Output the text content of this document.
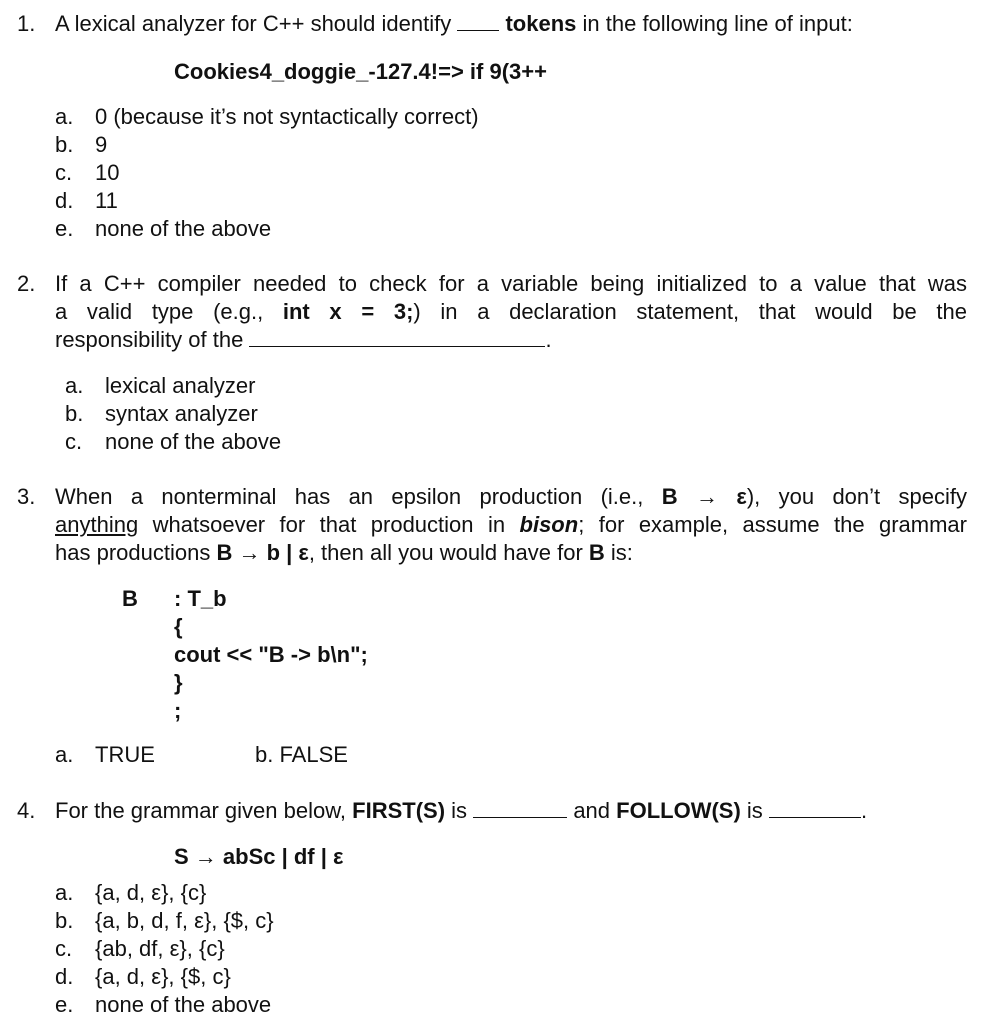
1. A lexical analyzer for C++ should identify tokens in the following line of input:
Cookies4_doggie_-127.4!=> if 9(3++
a. 0 (because it’s not syntactically correct)
b. 9
c. 10
d. 11
e. none of the above
2. If a C++ compiler needed to check for a variable being initialized to a value that was
a valid type (e.g., int x = 3;) in a declaration statement, that would be the
responsibility of the	.
a. lexical analyzer
b. syntax analyzer
c. none of the above
3. When a nonterminal has an epsilon production (i.e., B → ε), you don’t specify
anything whatsoever for that production in bison; for example, assume the grammar
has productions B → b | ε, then all you would have for B is:
B : T_b
{
cout << "B -> b\n";
}
;
a. TRUE	b. FALSE
4. For the grammar given below, FIRST(S) is	and FOLLOW(S) is	.
S → abSc | df | ε
a. {a, d, ε}, {c}
b. {a, b, d, f, ε}, {$, c}
c. {ab, df, ε}, {c}
d. {a, d, ε}, {$, c}
e. none of the above
